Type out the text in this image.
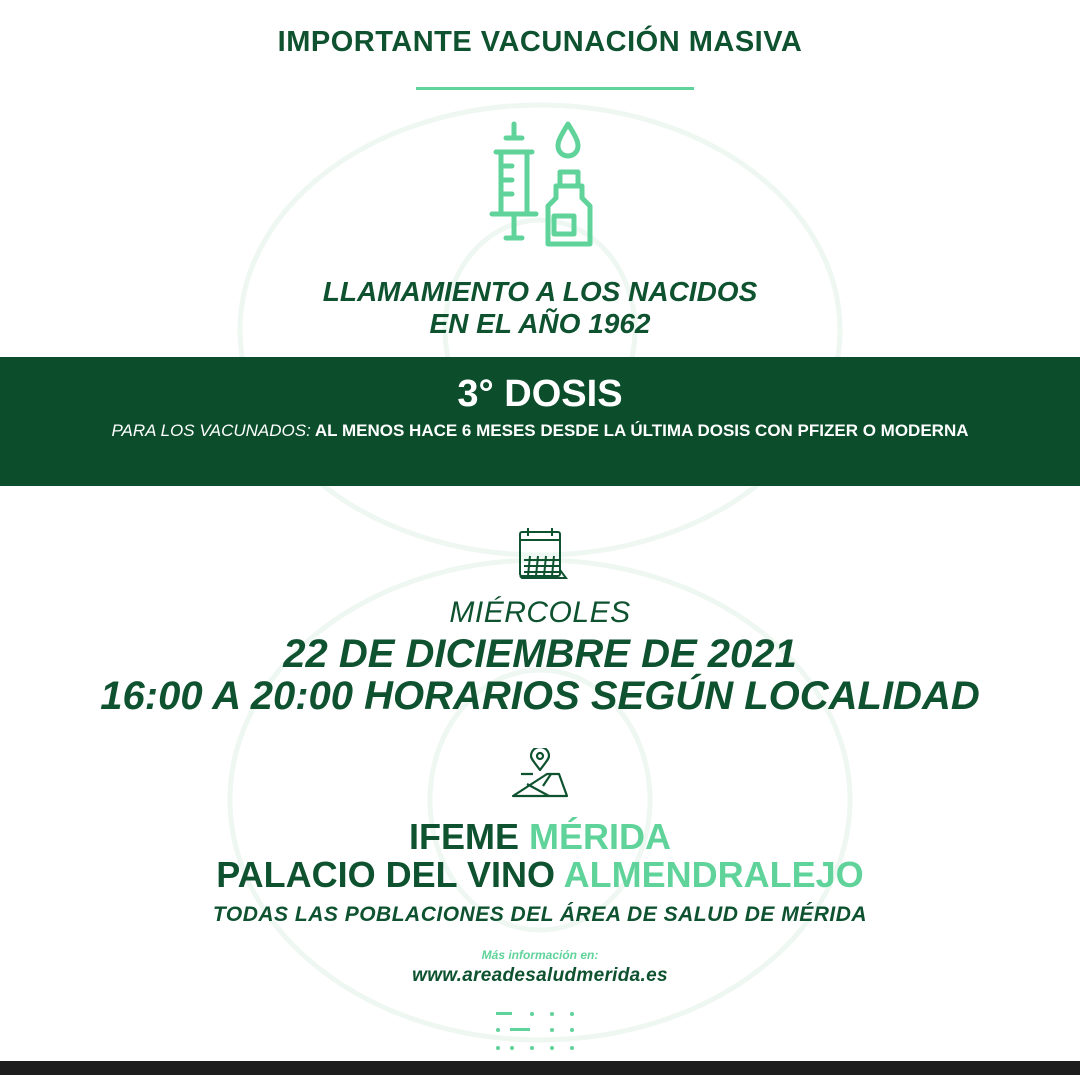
IMPORTANTE VACUNACIÓN MASIVA
LLAMAMIENTO A LOS NACIDOS
EN EL AÑO 1962
3° DOSIS
PARA LOS VACUNADOS: AL MENOS HACE 6 MESES DESDE LA ÚLTIMA DOSIS CON PFIZER O MODERNA
MIÉRCOLES
22 DE DICIEMBRE DE 2021
16:00 A 20:00 HORARIOS SEGÚN LOCALIDAD
IFEME MÉRIDA
PALACIO DEL VINO ALMENDRALEJO
TODAS LAS POBLACIONES DEL ÁREA DE SALUD DE MÉRIDA
Más información en:
www.areadesaludmerida.es
